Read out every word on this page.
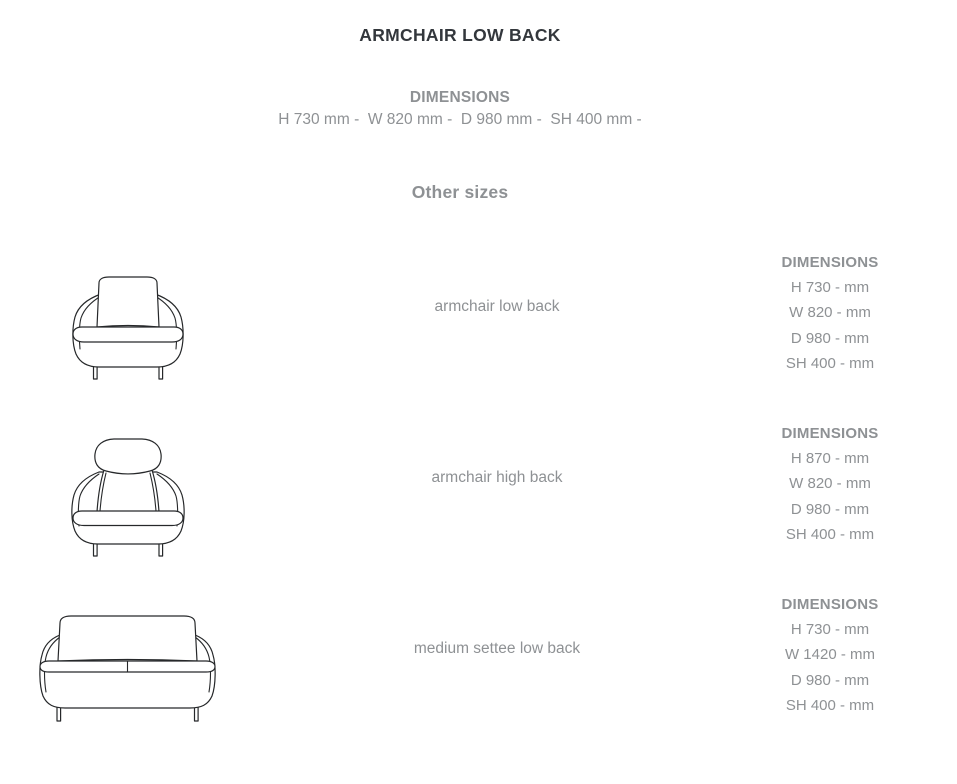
ARMCHAIR LOW BACK
DIMENSIONS
H 730 mm -  W 820 mm -  D 980 mm -  SH 400 mm -
Other sizes
armchair low back
DIMENSIONS
H 730 - mm
W 820 - mm
D 980 - mm
SH 400 - mm
armchair high back
DIMENSIONS
H 870 - mm
W 820 - mm
D 980 - mm
SH 400 - mm
medium settee low back
DIMENSIONS
H 730 - mm
W 1420 - mm
D 980 - mm
SH 400 - mm
